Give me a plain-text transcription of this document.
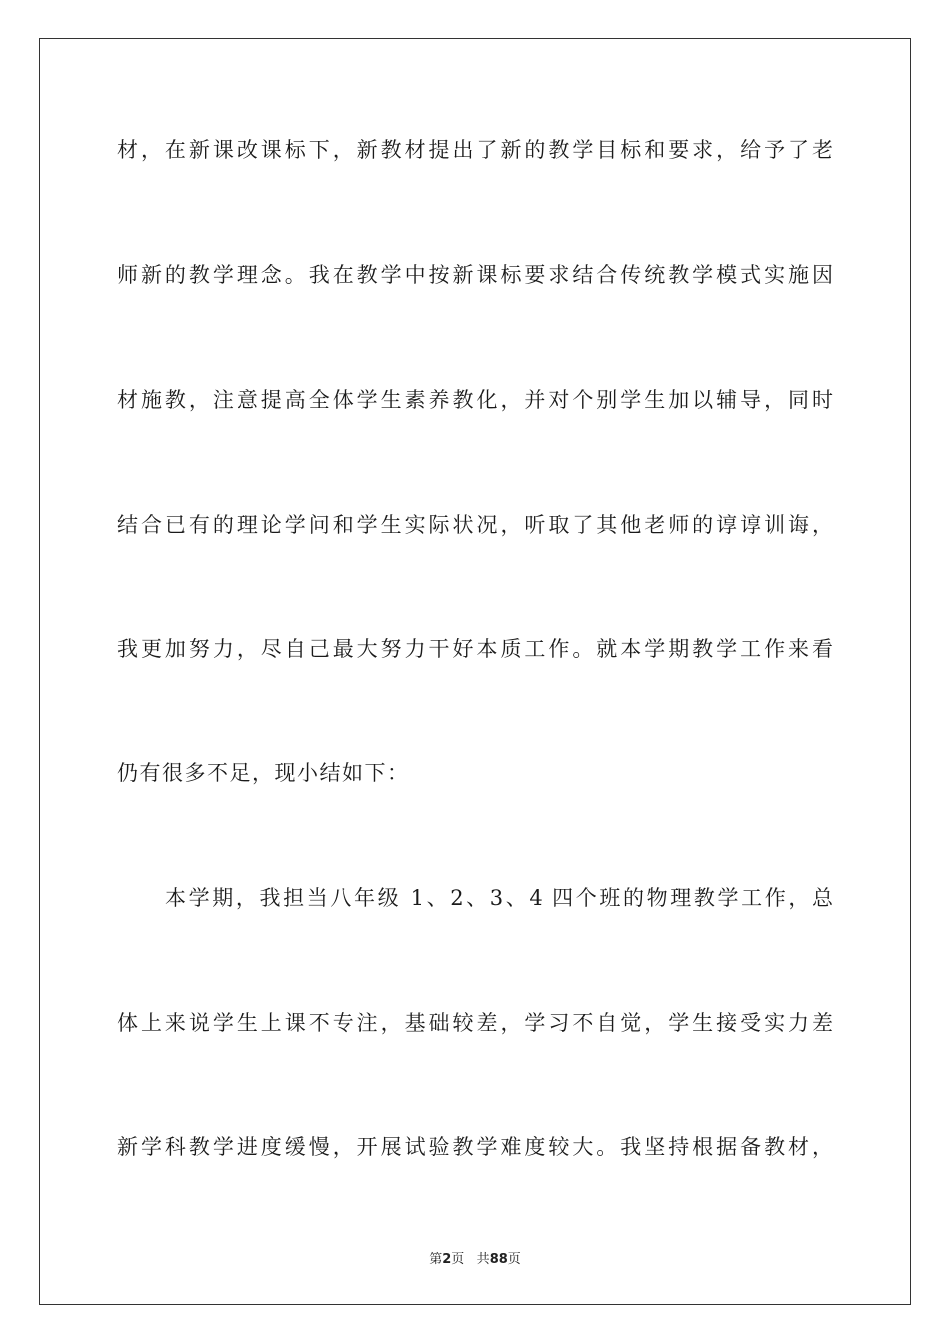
材，在新课改课标下，新教材提出了新的教学目标和要求，给予了老
师新的教学理念。我在教学中按新课标要求结合传统教学模式实施因
材施教，注意提高全体学生素养教化，并对个别学生加以辅导，同时
结合已有的理论学问和学生实际状况，听取了其他老师的谆谆训诲，
我更加努力，尽自己最大努力干好本质工作。就本学期教学工作来看
仍有很多不足，现小结如下：
本学期，我担当八年级 1、2、3、4 四个班的物理教学工作，总
体上来说学生上课不专注，基础较差，学习不自觉，学生接受实力差
新学科教学进度缓慢，开展试验教学难度较大。我坚持根据备教材，
第2页 共88页
